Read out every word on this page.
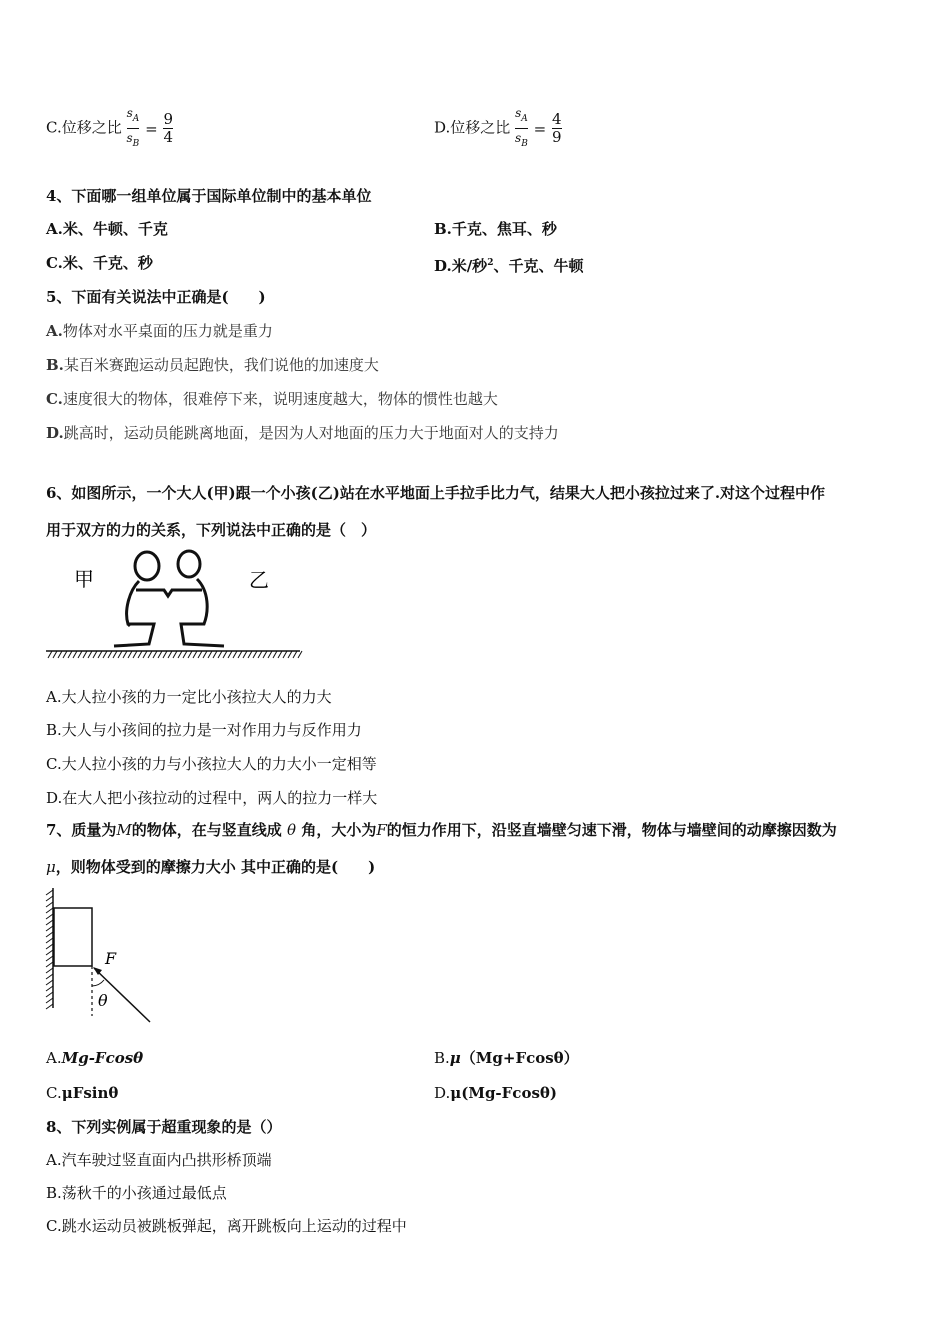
C.位移之比 $\frac{s_A}{s_B} = \frac{9}{4}$	D.位移之比 $\frac{s_A}{s_B} = \frac{4}{9}$
4、下面哪一组单位属于国际单位制中的基本单位
A.米、牛顿、千克	B.千克、焦耳、秒
C.米、千克、秒	D.米/秒$^2$、千克、牛顿
5、下面有关说法中正确是(　　)
A.物体对水平桌面的压力就是重力
B.某百米赛跑运动员起跑快，我们说他的加速度大
C.速度很大的物体，很难停下来，说明速度越大，物体的惯性也越大
D.跳高时，运动员能跳离地面，是因为人对地面的压力大于地面对人的支持力
6、如图所示，一个大人(甲)跟一个小孩(乙)站在水平地面上手拉手比力气，结果大人把小孩拉过来了.对这个过程中作
用于双方的力的关系，下列说法中正确的是（　）
甲	乙
A.大人拉小孩的力一定比小孩拉大人的力大
B.大人与小孩间的拉力是一对作用力与反作用力
C.大人拉小孩的力与小孩拉大人的力大小一定相等
D.在大人把小孩拉动的过程中，两人的拉力一样大
7、质量为M的物体，在与竖直线成 θ 角，大小为F的恒力作用下，沿竖直墙壁匀速下滑，物体与墙壁间的动摩擦因数为
μ，则物体受到的摩擦力大小 其中正确的是(　　)
F
θ
A.Mg-Fcosθ	B.μ（Mg+Fcosθ）
C.μFsinθ	D.μ(Mg-Fcosθ)
8、下列实例属于超重现象的是（）
A.汽车驶过竖直面内凸拱形桥顶端
B.荡秋千的小孩通过最低点
C.跳水运动员被跳板弹起，离开跳板向上运动的过程中
